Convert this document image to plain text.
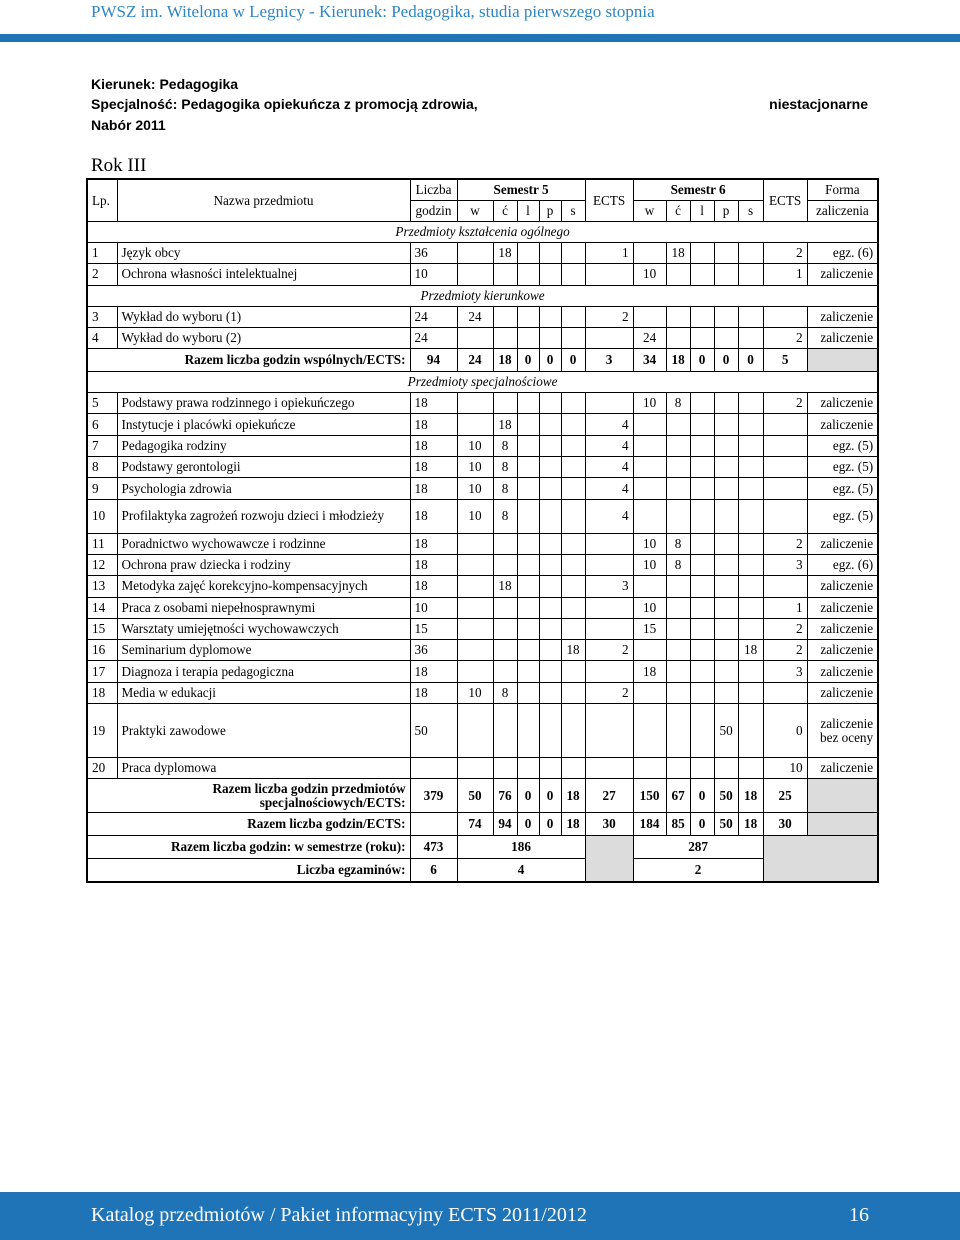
PWSZ im. Witelona w Legnicy - Kierunek: Pedagogika, studia pierwszego stopnia
Kierunek: Pedagogika
Specjalność: Pedagogika opiekuńcza z promocją zdrowia,
Nabór 2011
niestacjonarne
Rok III
Lp.	Nazwa przedmiotu	Liczba	Semestr 5					ECTS	Semestr 6					ECTS	Forma
		godzin	w	ć	l	p	s		w	ć	l	p	s		zaliczenia
Przedmioty kształcenia ogólnego															
1	Język obcy	36		18				1		18				2	egz. (6)
2	Ochrona własności intelektualnej	10							10					1	zaliczenie
Przedmioty kierunkowe															
3	Wykład do wyboru (1)	24	24					2							zaliczenie
4	Wykład do wyboru (2)	24							24					2	zaliczenie
Razem liczba godzin wspólnych/ECTS:		94	24	18	0	0	0	3	34	18	0	0	0	5	
Przedmioty specjalnościowe															
5	Podstawy prawa rodzinnego i opiekuńczego	18							10	8				2	zaliczenie
6	Instytucje i placówki opiekuńcze	18		18				4							zaliczenie
7	Pedagogika rodziny	18	10	8				4							egz. (5)
8	Podstawy gerontologii	18	10	8				4							egz. (5)
9	Psychologia zdrowia	18	10	8				4							egz. (5)
10	Profilaktyka zagrożeń rozwoju dzieci i młodzieży	18	10	8				4							egz. (5)
11	Poradnictwo wychowawcze i rodzinne	18							10	8				2	zaliczenie
12	Ochrona praw dziecka i rodziny	18							10	8				3	egz. (6)
13	Metodyka zajęć korekcyjno-kompensacyjnych	18		18				3							zaliczenie
14	Praca z osobami niepełnosprawnymi	10							10					1	zaliczenie
15	Warsztaty umiejętności wychowawczych	15							15					2	zaliczenie
16	Seminarium dyplomowe	36					18	2					18	2	zaliczenie
17	Diagnoza i terapia pedagogiczna	18							18					3	zaliczenie
18	Media w edukacji	18	10	8				2							zaliczenie
19	Praktyki zawodowe	50										50		0	zaliczenie bez oceny
20	Praca dyplomowa													10	zaliczenie
Razem liczba godzin przedmiotów specjalnościowych/ECTS:		379	50	76	0	0	18	27	150	67	0	50	18	25	
Razem liczba godzin/ECTS:			74	94	0	0	18	30	184	85	0	50	18	30	
Razem liczba godzin: w semestrze (roku):		473	186						287						
Liczba egzaminów:		6	4						2						
Katalog przedmiotów / Pakiet informacyjny ECTS 2011/2012	16
